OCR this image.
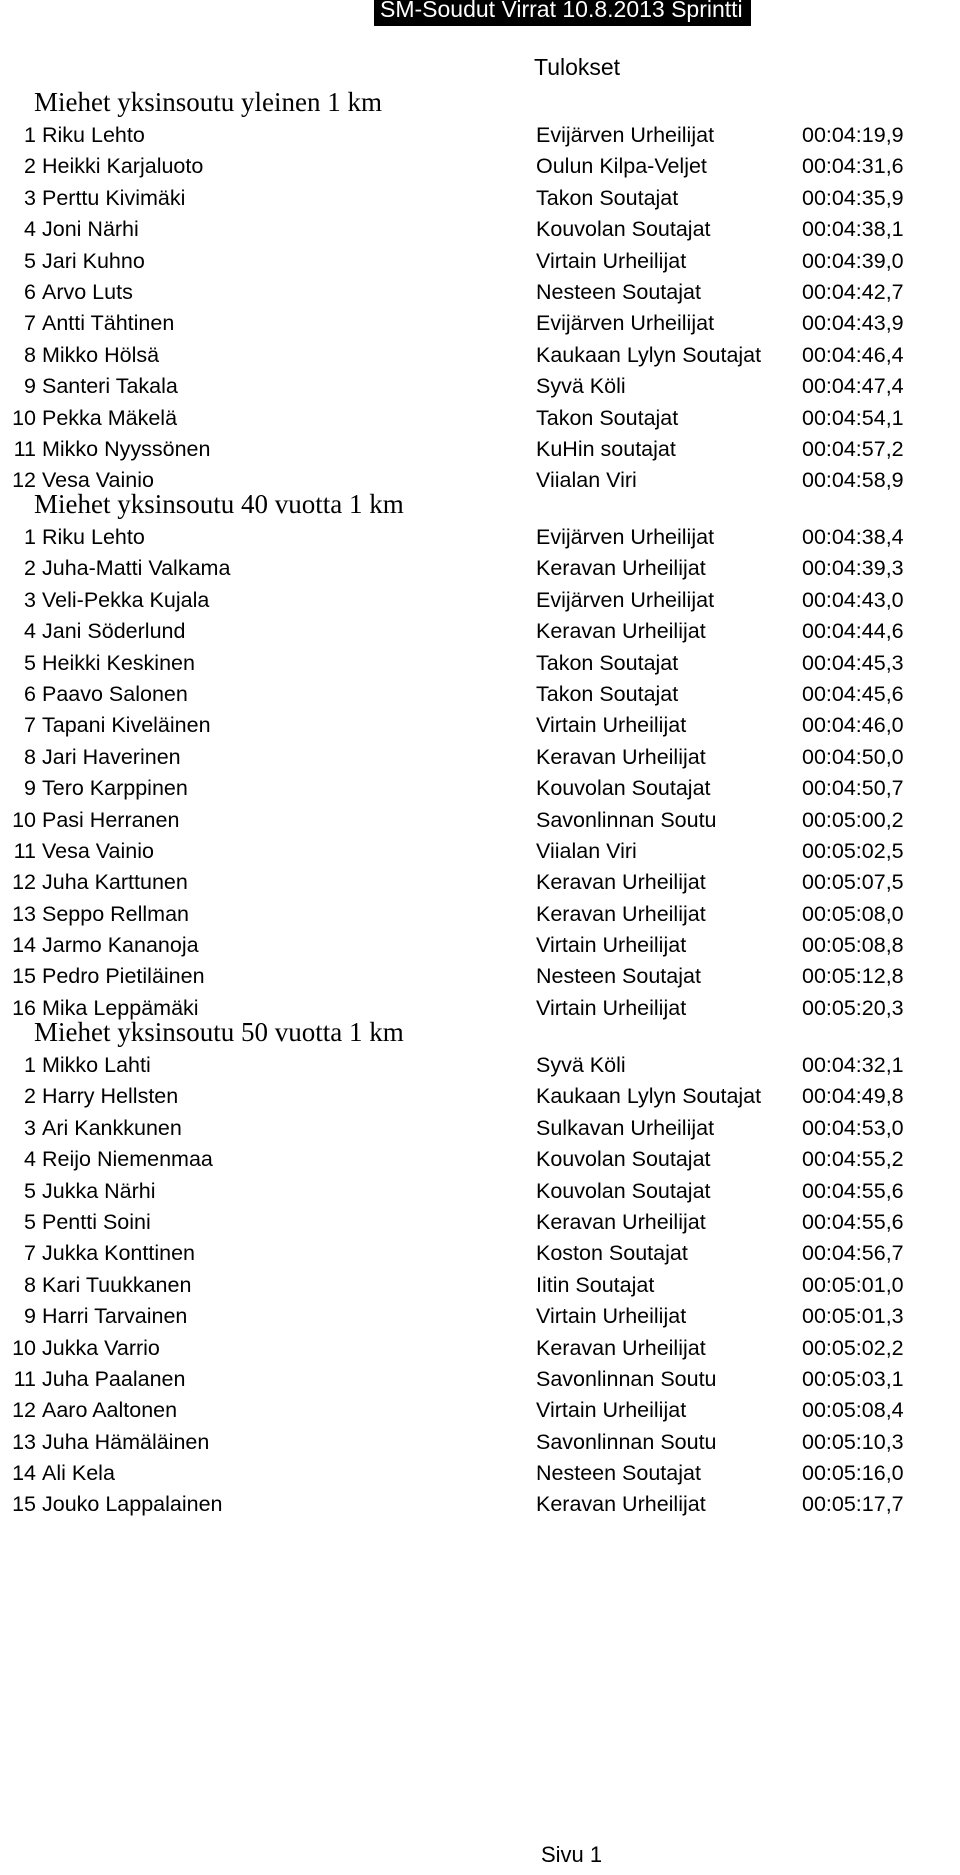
SM-Soudut Virrat 10.8.2013 Sprintti
Tulokset
Miehet yksinsoutu yleinen 1 km
1 Riku Lehto	Evijärven Urheilijat	00:04:19,9
2 Heikki Karjaluoto	Oulun Kilpa-Veljet	00:04:31,6
3 Perttu Kivimäki	Takon Soutajat	00:04:35,9
4 Joni Närhi	Kouvolan Soutajat	00:04:38,1
5 Jari Kuhno	Virtain Urheilijat	00:04:39,0
6 Arvo Luts	Nesteen Soutajat	00:04:42,7
7 Antti Tähtinen	Evijärven Urheilijat	00:04:43,9
8 Mikko Hölsä	Kaukaan Lylyn Soutajat 00:04:46,4
9 Santeri Takala	Syvä Köli	00:04:47,4
10 Pekka Mäkelä	Takon Soutajat	00:04:54,1
11 Mikko Nyyssönen	KuHin soutajat	00:04:57,2
12 Vesa Vainio	Viialan Viri	00:04:58,9
Miehet yksinsoutu 40 vuotta 1 km
1 Riku Lehto	Evijärven Urheilijat	00:04:38,4
2 Juha-Matti Valkama	Keravan Urheilijat	00:04:39,3
3 Veli-Pekka Kujala	Evijärven Urheilijat	00:04:43,0
4 Jani Söderlund	Keravan Urheilijat	00:04:44,6
5 Heikki Keskinen	Takon Soutajat	00:04:45,3
6 Paavo Salonen	Takon Soutajat	00:04:45,6
7 Tapani Kiveläinen	Virtain Urheilijat	00:04:46,0
8 Jari Haverinen	Keravan Urheilijat	00:04:50,0
9 Tero Karppinen	Kouvolan Soutajat	00:04:50,7
10 Pasi Herranen	Savonlinnan Soutu	00:05:00,2
11 Vesa Vainio	Viialan Viri	00:05:02,5
12 Juha Karttunen	Keravan Urheilijat	00:05:07,5
13 Seppo Rellman	Keravan Urheilijat	00:05:08,0
14 Jarmo Kananoja	Virtain Urheilijat	00:05:08,8
15 Pedro Pietiläinen	Nesteen Soutajat	00:05:12,8
16 Mika Leppämäki	Virtain Urheilijat	00:05:20,3
Miehet yksinsoutu 50 vuotta 1 km
1 Mikko Lahti	Syvä Köli	00:04:32,1
2 Harry Hellsten	Kaukaan Lylyn Soutajat 00:04:49,8
3 Ari Kankkunen	Sulkavan Urheilijat	00:04:53,0
4 Reijo Niemenmaa	Kouvolan Soutajat	00:04:55,2
5 Jukka Närhi	Kouvolan Soutajat	00:04:55,6
5 Pentti Soini	Keravan Urheilijat	00:04:55,6
7 Jukka Konttinen	Koston Soutajat	00:04:56,7
8 Kari Tuukkanen	Iitin Soutajat	00:05:01,0
9 Harri Tarvainen	Virtain Urheilijat	00:05:01,3
10 Jukka Varrio	Keravan Urheilijat	00:05:02,2
11 Juha Paalanen	Savonlinnan Soutu	00:05:03,1
12 Aaro Aaltonen	Virtain Urheilijat	00:05:08,4
13 Juha Hämäläinen	Savonlinnan Soutu	00:05:10,3
14 Ali Kela	Nesteen Soutajat	00:05:16,0
15 Jouko Lappalainen	Keravan Urheilijat	00:05:17,7
Sivu 1
